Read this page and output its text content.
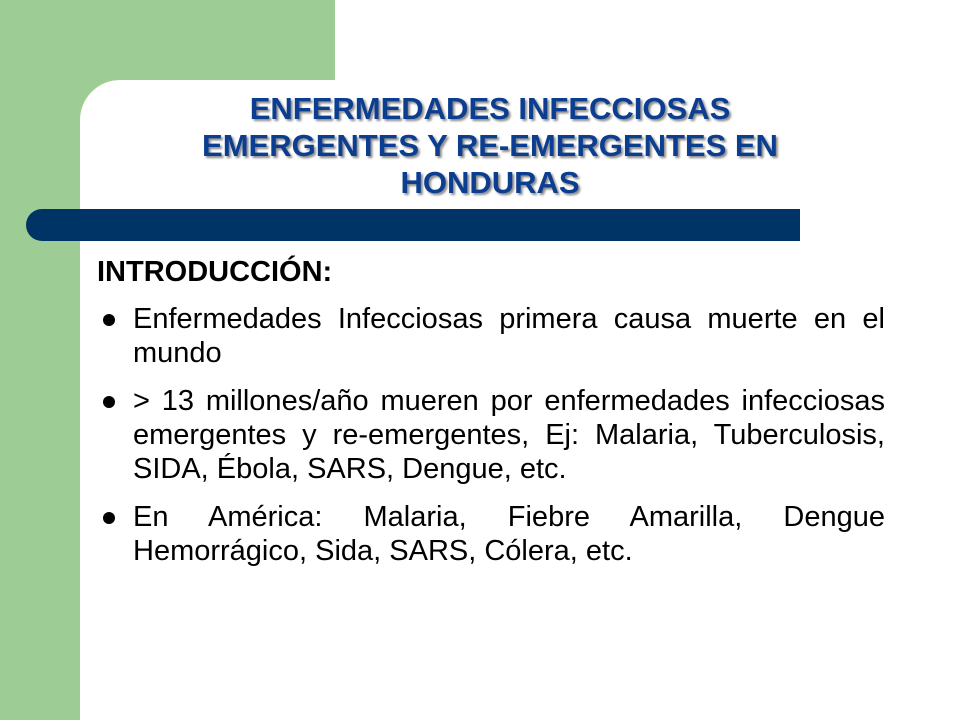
ENFERMEDADES INFECCIOSAS
EMERGENTES Y RE-EMERGENTES EN
HONDURAS
INTRODUCCIÓN:
Enfermedades Infecciosas primera causa muerte en el mundo
> 13 millones/año mueren por enfermedades infecciosas emergentes y re-emergentes, Ej: Malaria, Tuberculosis, SIDA, Ébola, SARS, Dengue, etc.
En América: Malaria, Fiebre Amarilla, Dengue Hemorrágico, Sida, SARS, Cólera, etc.
